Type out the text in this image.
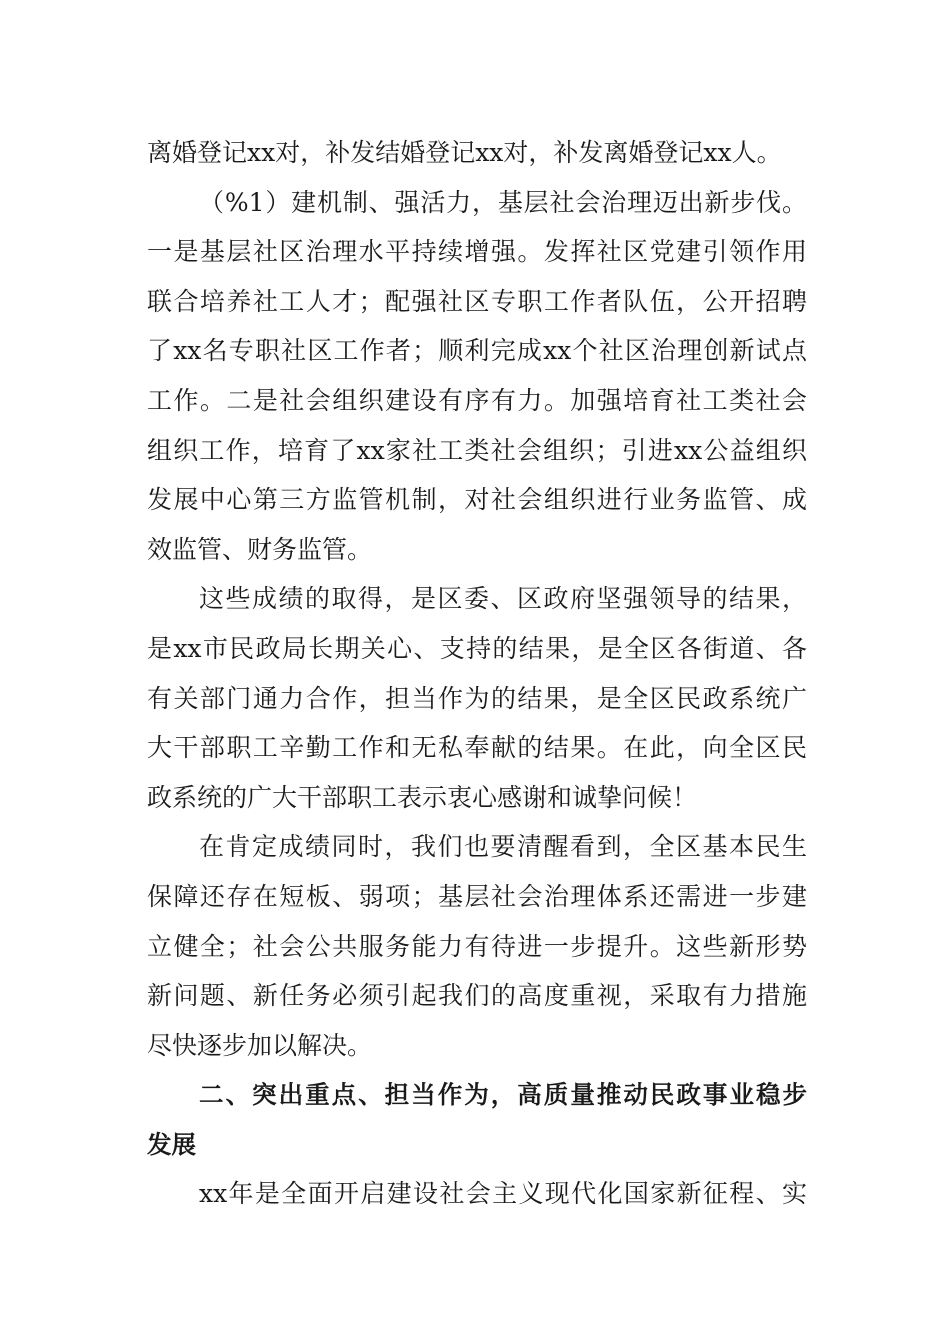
离婚登记xx对，补发结婚登记xx对，补发离婚登记xx人。
（%1）建机制、强活力，基层社会治理迈出新步伐。
一是基层社区治理水平持续增强。发挥社区党建引领作用
联合培养社工人才；配强社区专职工作者队伍，公开招聘
了xx名专职社区工作者；顺利完成xx个社区治理创新试点
工作。二是社会组织建设有序有力。加强培育社工类社会
组织工作，培育了xx家社工类社会组织；引进xx公益组织
发展中心第三方监管机制，对社会组织进行业务监管、成
效监管、财务监管。
这些成绩的取得，是区委、区政府坚强领导的结果，
是xx市民政局长期关心、支持的结果，是全区各街道、各
有关部门通力合作，担当作为的结果，是全区民政系统广
大干部职工辛勤工作和无私奉献的结果。在此，向全区民
政系统的广大干部职工表示衷心感谢和诚挚问候！
在肯定成绩同时，我们也要清醒看到，全区基本民生
保障还存在短板、弱项；基层社会治理体系还需进一步建
立健全；社会公共服务能力有待进一步提升。这些新形势
新问题、新任务必须引起我们的高度重视，采取有力措施
尽快逐步加以解决。
二、突出重点、担当作为，高质量推动民政事业稳步
发展
xx年是全面开启建设社会主义现代化国家新征程、实
